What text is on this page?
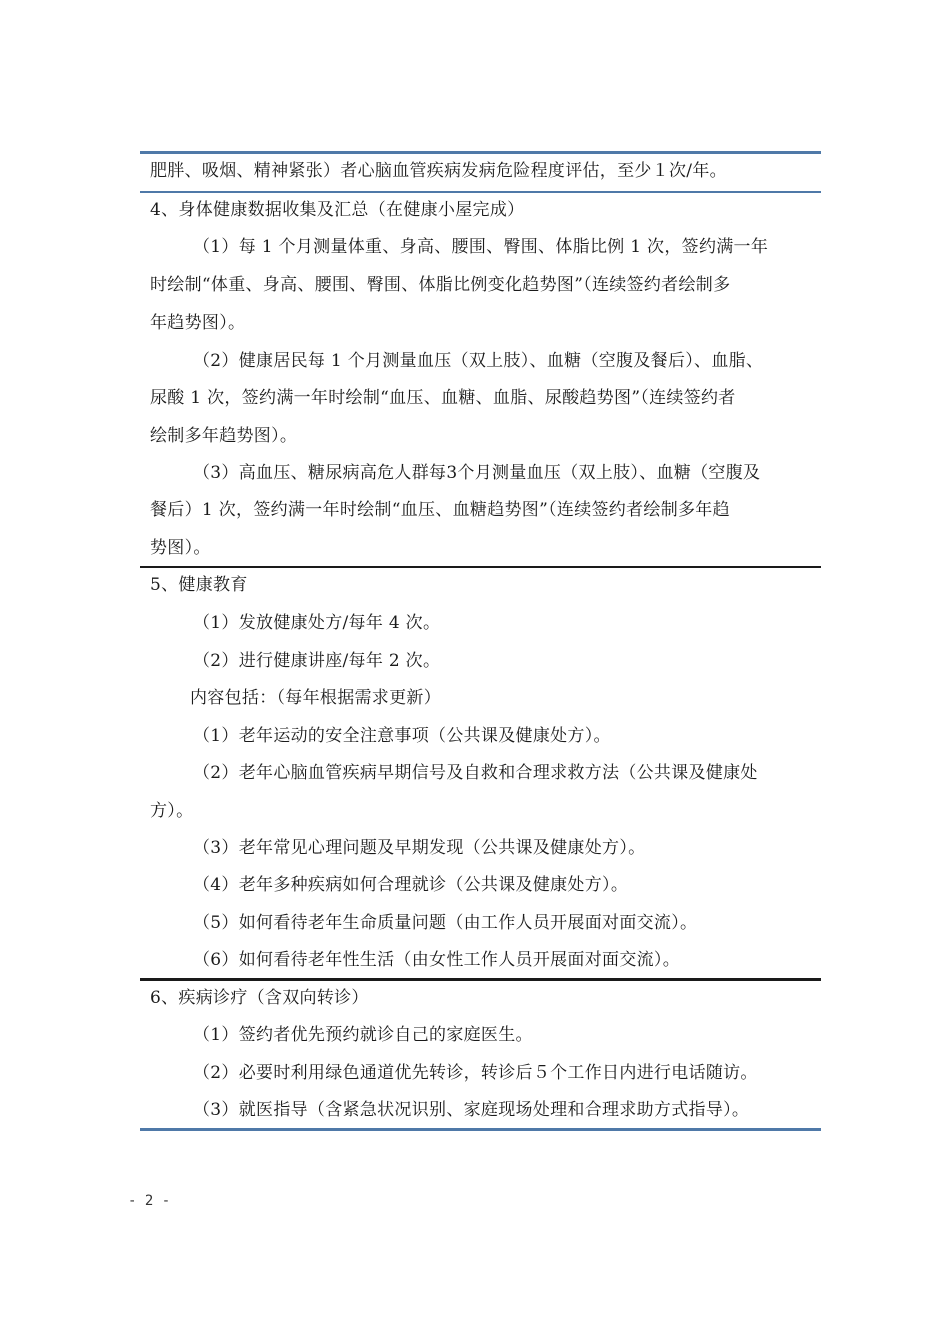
肥胖、吸烟、精神紧张）者心脑血管疾病发病危险程度评估，至少１次/年。
4、身体健康数据收集及汇总（在健康小屋完成）
（1）每 1 个月测量体重、身高、腰围、臀围、体脂比例 1 次，签约满一年
时绘制“体重、身高、腰围、臀围、体脂比例变化趋势图”（连续签约者绘制多
年趋势图）。
（2）健康居民每 1 个月测量血压（双上肢）、血糖（空腹及餐后）、血脂、
尿酸 1 次，签约满一年时绘制“血压、血糖、血脂、尿酸趋势图”（连续签约者
绘制多年趋势图）。
（3）高血压、糖尿病高危人群每3个月测量血压（双上肢）、血糖（空腹及
餐后）1 次，签约满一年时绘制“血压、血糖趋势图”（连续签约者绘制多年趋
势图）。
5、健康教育
（1）发放健康处方/每年 4 次。
（2）进行健康讲座/每年 2 次。
内容包括：（每年根据需求更新）
（1）老年运动的安全注意事项（公共课及健康处方）。
（2）老年心脑血管疾病早期信号及自救和合理求救方法（公共课及健康处
方）。
（3）老年常见心理问题及早期发现（公共课及健康处方）。
（4）老年多种疾病如何合理就诊（公共课及健康处方）。
（5）如何看待老年生命质量问题（由工作人员开展面对面交流）。
（6）如何看待老年性生活（由女性工作人员开展面对面交流）。
6、疾病诊疗（含双向转诊）
（1）签约者优先预约就诊自己的家庭医生。
（2）必要时利用绿色通道优先转诊，转诊后５个工作日内进行电话随访。
（3）就医指导（含紧急状况识别、家庭现场处理和合理求助方式指导）。
- 2 -
